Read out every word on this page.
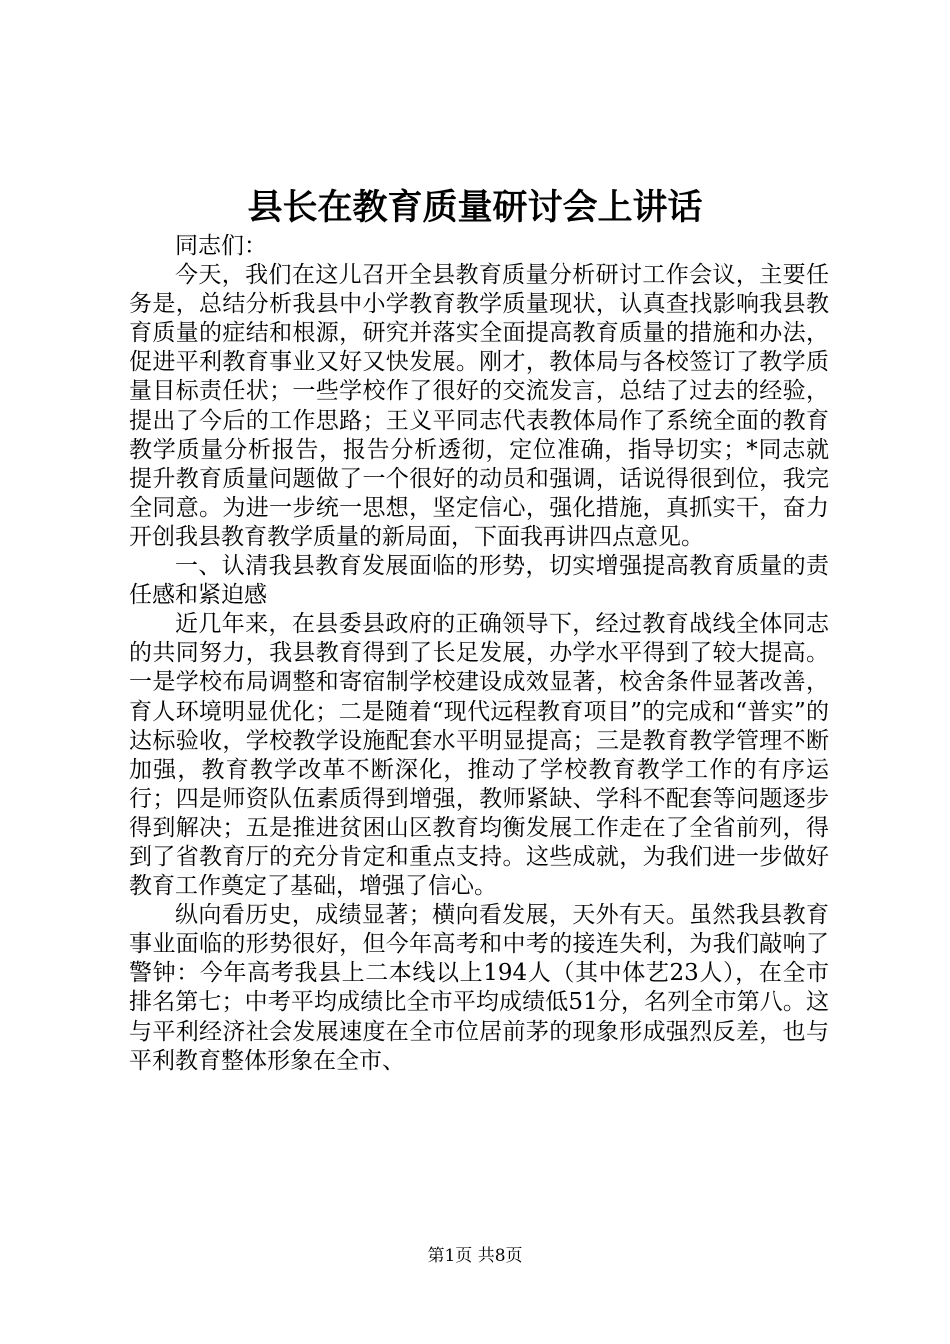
县长在教育质量研讨会上讲话

同志们：

今天，我们在这儿召开全县教育质量分析研讨工作会议，主要任务是，总结分析我县中小学教育教学质量现状，认真查找影响我县教育质量的症结和根源，研究并落实全面提高教育质量的措施和办法，促进平利教育事业又好又快发展。刚才，教体局与各校签订了教学质量目标责任状；一些学校作了很好的交流发言，总结了过去的经验，提出了今后的工作思路；王义平同志代表教体局作了系统全面的教育教学质量分析报告，报告分析透彻，定位准确，指导切实；*同志就提升教育质量问题做了一个很好的动员和强调，话说得很到位，我完全同意。为进一步统一思想，坚定信心，强化措施，真抓实干，奋力开创我县教育教学质量的新局面，下面我再讲四点意见。

一、认清我县教育发展面临的形势，切实增强提高教育质量的责任感和紧迫感

近几年来，在县委县政府的正确领导下，经过教育战线全体同志的共同努力，我县教育得到了长足发展，办学水平得到了较大提高。一是学校布局调整和寄宿制学校建设成效显著，校舍条件显著改善，育人环境明显优化；二是随着“现代远程教育项目”的完成和“普实”的达标验收，学校教学设施配套水平明显提高；三是教育教学管理不断加强，教育教学改革不断深化，推动了学校教育教学工作的有序运行；四是师资队伍素质得到增强，教师紧缺、学科不配套等问题逐步得到解决；五是推进贫困山区教育均衡发展工作走在了全省前列，得到了省教育厅的充分肯定和重点支持。这些成就，为我们进一步做好教育工作奠定了基础，增强了信心。

纵向看历史，成绩显著；横向看发展，天外有天。虽然我县教育事业面临的形势很好，但今年高考和中考的接连失利，为我们敲响了警钟：今年高考我县上二本线以上194人（其中体艺23人），在全市排名第七；中考平均成绩比全市平均成绩低51分，名列全市第八。这与平利经济社会发展速度在全市位居前茅的现象形成强烈反差，也与平利教育整体形象在全市、

第1页 共8页
